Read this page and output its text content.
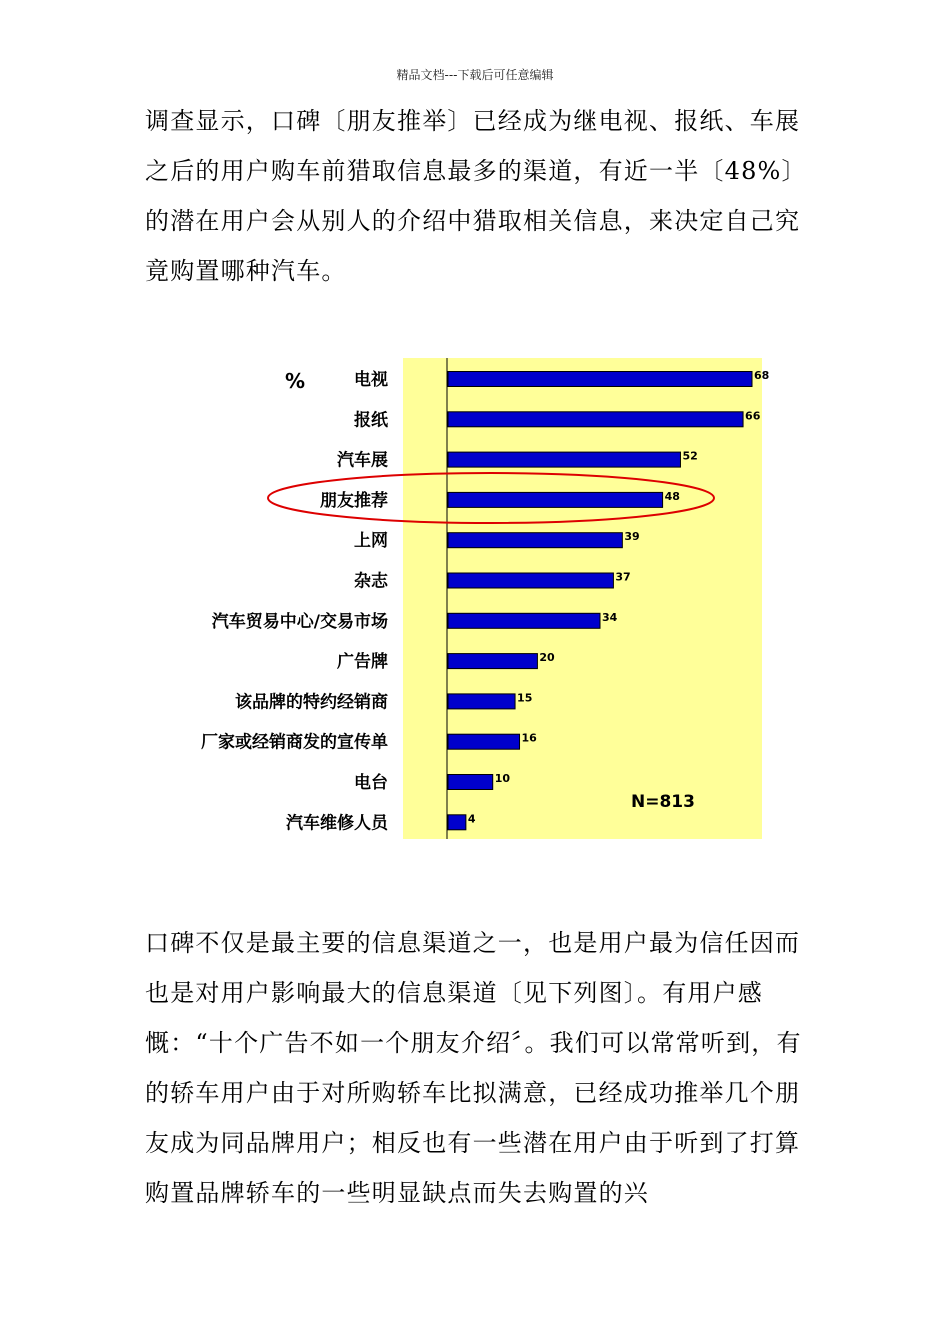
精品文档---下载后可任意编辑

调查显示，口碑〔朋友推举〕已经成为继电视、报纸、车展之后的用户购车前猎取信息最多的渠道，有近一半〔48%〕的潜在用户会从别人的介绍中猎取相关信息，来决定自己究竟购置哪种汽车。

%
N=813
68
电视
66
报纸
52
汽车展
48
朋友推荐
39
上网
37
杂志
34
汽车贸易中心/交易市场
20
广告牌
15
该品牌的特约经销商
16
厂家或经销商发的宣传单
10
电台
4
汽车维修人员

口碑不仅是最主要的信息渠道之一，也是用户最为信任因而也是对用户影响最大的信息渠道〔见下列图〕。有用户感慨：“十个广告不如一个朋友介绍〞。我们可以常常听到，有的轿车用户由于对所购轿车比拟满意，已经成功推举几个朋友成为同品牌用户；相反也有一些潜在用户由于听到了打算购置品牌轿车的一些明显缺点而失去购置的兴
